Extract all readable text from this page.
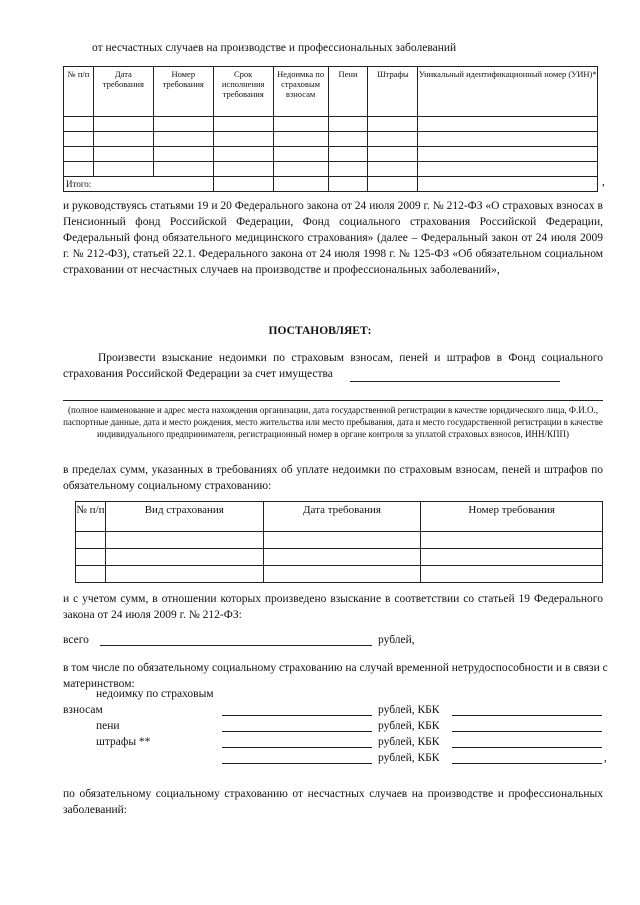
от несчастных случаев на производстве и профессиональных заболеваний
№ п/п	Дата требования	Номер требования	Срок исполнения требования	Недоимка по страховым взносам	Пени	Штрафы	Уникальный идентификационный номер (УИН)*

Итого:								,
и руководствуясь статьями 19 и 20 Федерального закона от 24 июля 2009 г. № 212-ФЗ «О страховых взносах в Пенсионный фонд Российской Федерации, Фонд социального страхования Российской Федерации, Федеральный фонд обязательного медицинского страхования» (далее – Федеральный закон от 24 июля 2009 г. № 212-ФЗ), статьей 22.1. Федерального закона от 24 июля 1998 г. № 125-ФЗ «Об обязательном социальном страховании от несчастных случаев на производстве и профессиональных заболеваний»,
ПОСТАНОВЛЯЕТ:
Произвести взыскание недоимки по страховым взносам, пеней и штрафов в Фонд социального страхования Российской Федерации за счет имущества
(полное наименование и адрес места нахождения организации, дата государственной регистрации в качестве юридического лица, Ф.И.О., паспортные данные, дата и место рождения, место жительства или место пребывания, дата и место государственной регистрации в качестве индивидуального предпринимателя, регистрационный номер в органе контроля за уплатой страховых взносов, ИНН/КПП)
в пределах сумм, указанных в требованиях об уплате недоимки по страховым взносам, пеней и штрафов по обязательному социальному страхованию:
№ п/п	Вид страхования	Дата требования	Номер требования

и с учетом сумм, в отношении которых произведено взыскание в соответствии со статьей 19 Федерального закона от 24 июля 2009 г. № 212-ФЗ:
всего	рублей,
в том числе по обязательному социальному страхованию на случай временной нетрудоспособности и в связи с материнством:
недоимку по страховым
взносам	рублей, КБК
пени	рублей, КБК
штрафы **	рублей, КБК
рублей, КБК	,
по обязательному социальному страхованию от несчастных случаев на производстве и профессиональных заболеваний:
